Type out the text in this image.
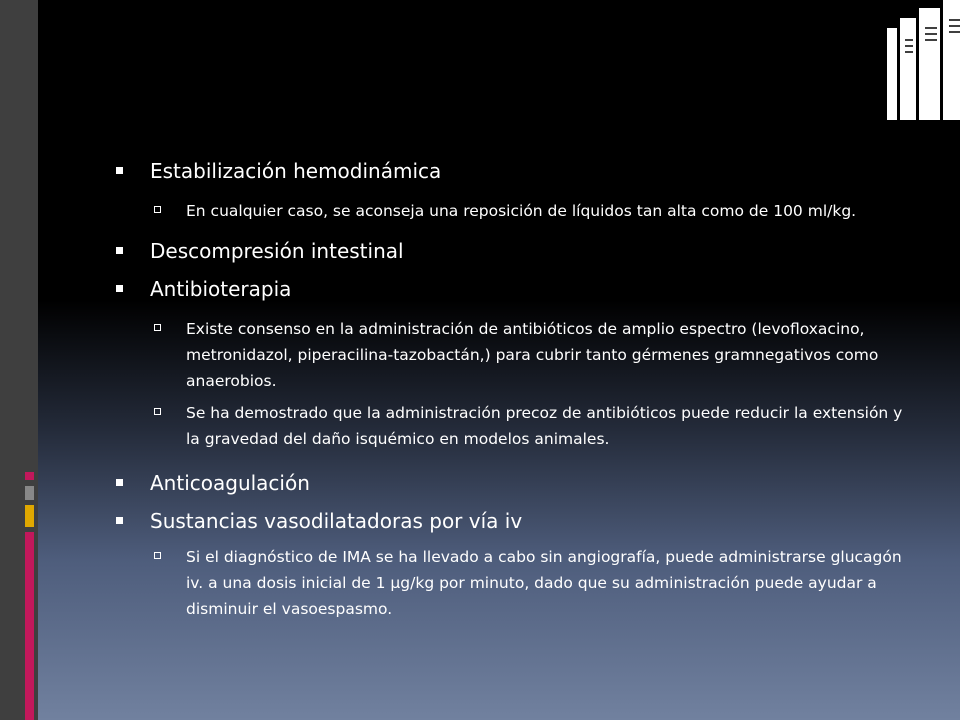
Estabilización hemodinámica
En cualquier caso, se aconseja una reposición de líquidos tan alta como de 100 ml/kg.
Descompresión intestinal
Antibioterapia
Existe consenso en la administración de antibióticos de amplio espectro (levofloxacino, metronidazol, piperacilina-tazobactán,) para cubrir tanto gérmenes gramnegativos como anaerobios.
Se ha demostrado que la administración precoz de antibióticos puede reducir la extensión y la gravedad del daño isquémico en modelos animales.
Anticoagulación
Sustancias vasodilatadoras por vía iv
Si el diagnóstico de IMA se ha llevado a cabo sin angiografía, puede administrarse glucagón iv. a una dosis inicial de 1 µg/kg por minuto, dado que su administración puede ayudar a disminuir el vasoespasmo.
